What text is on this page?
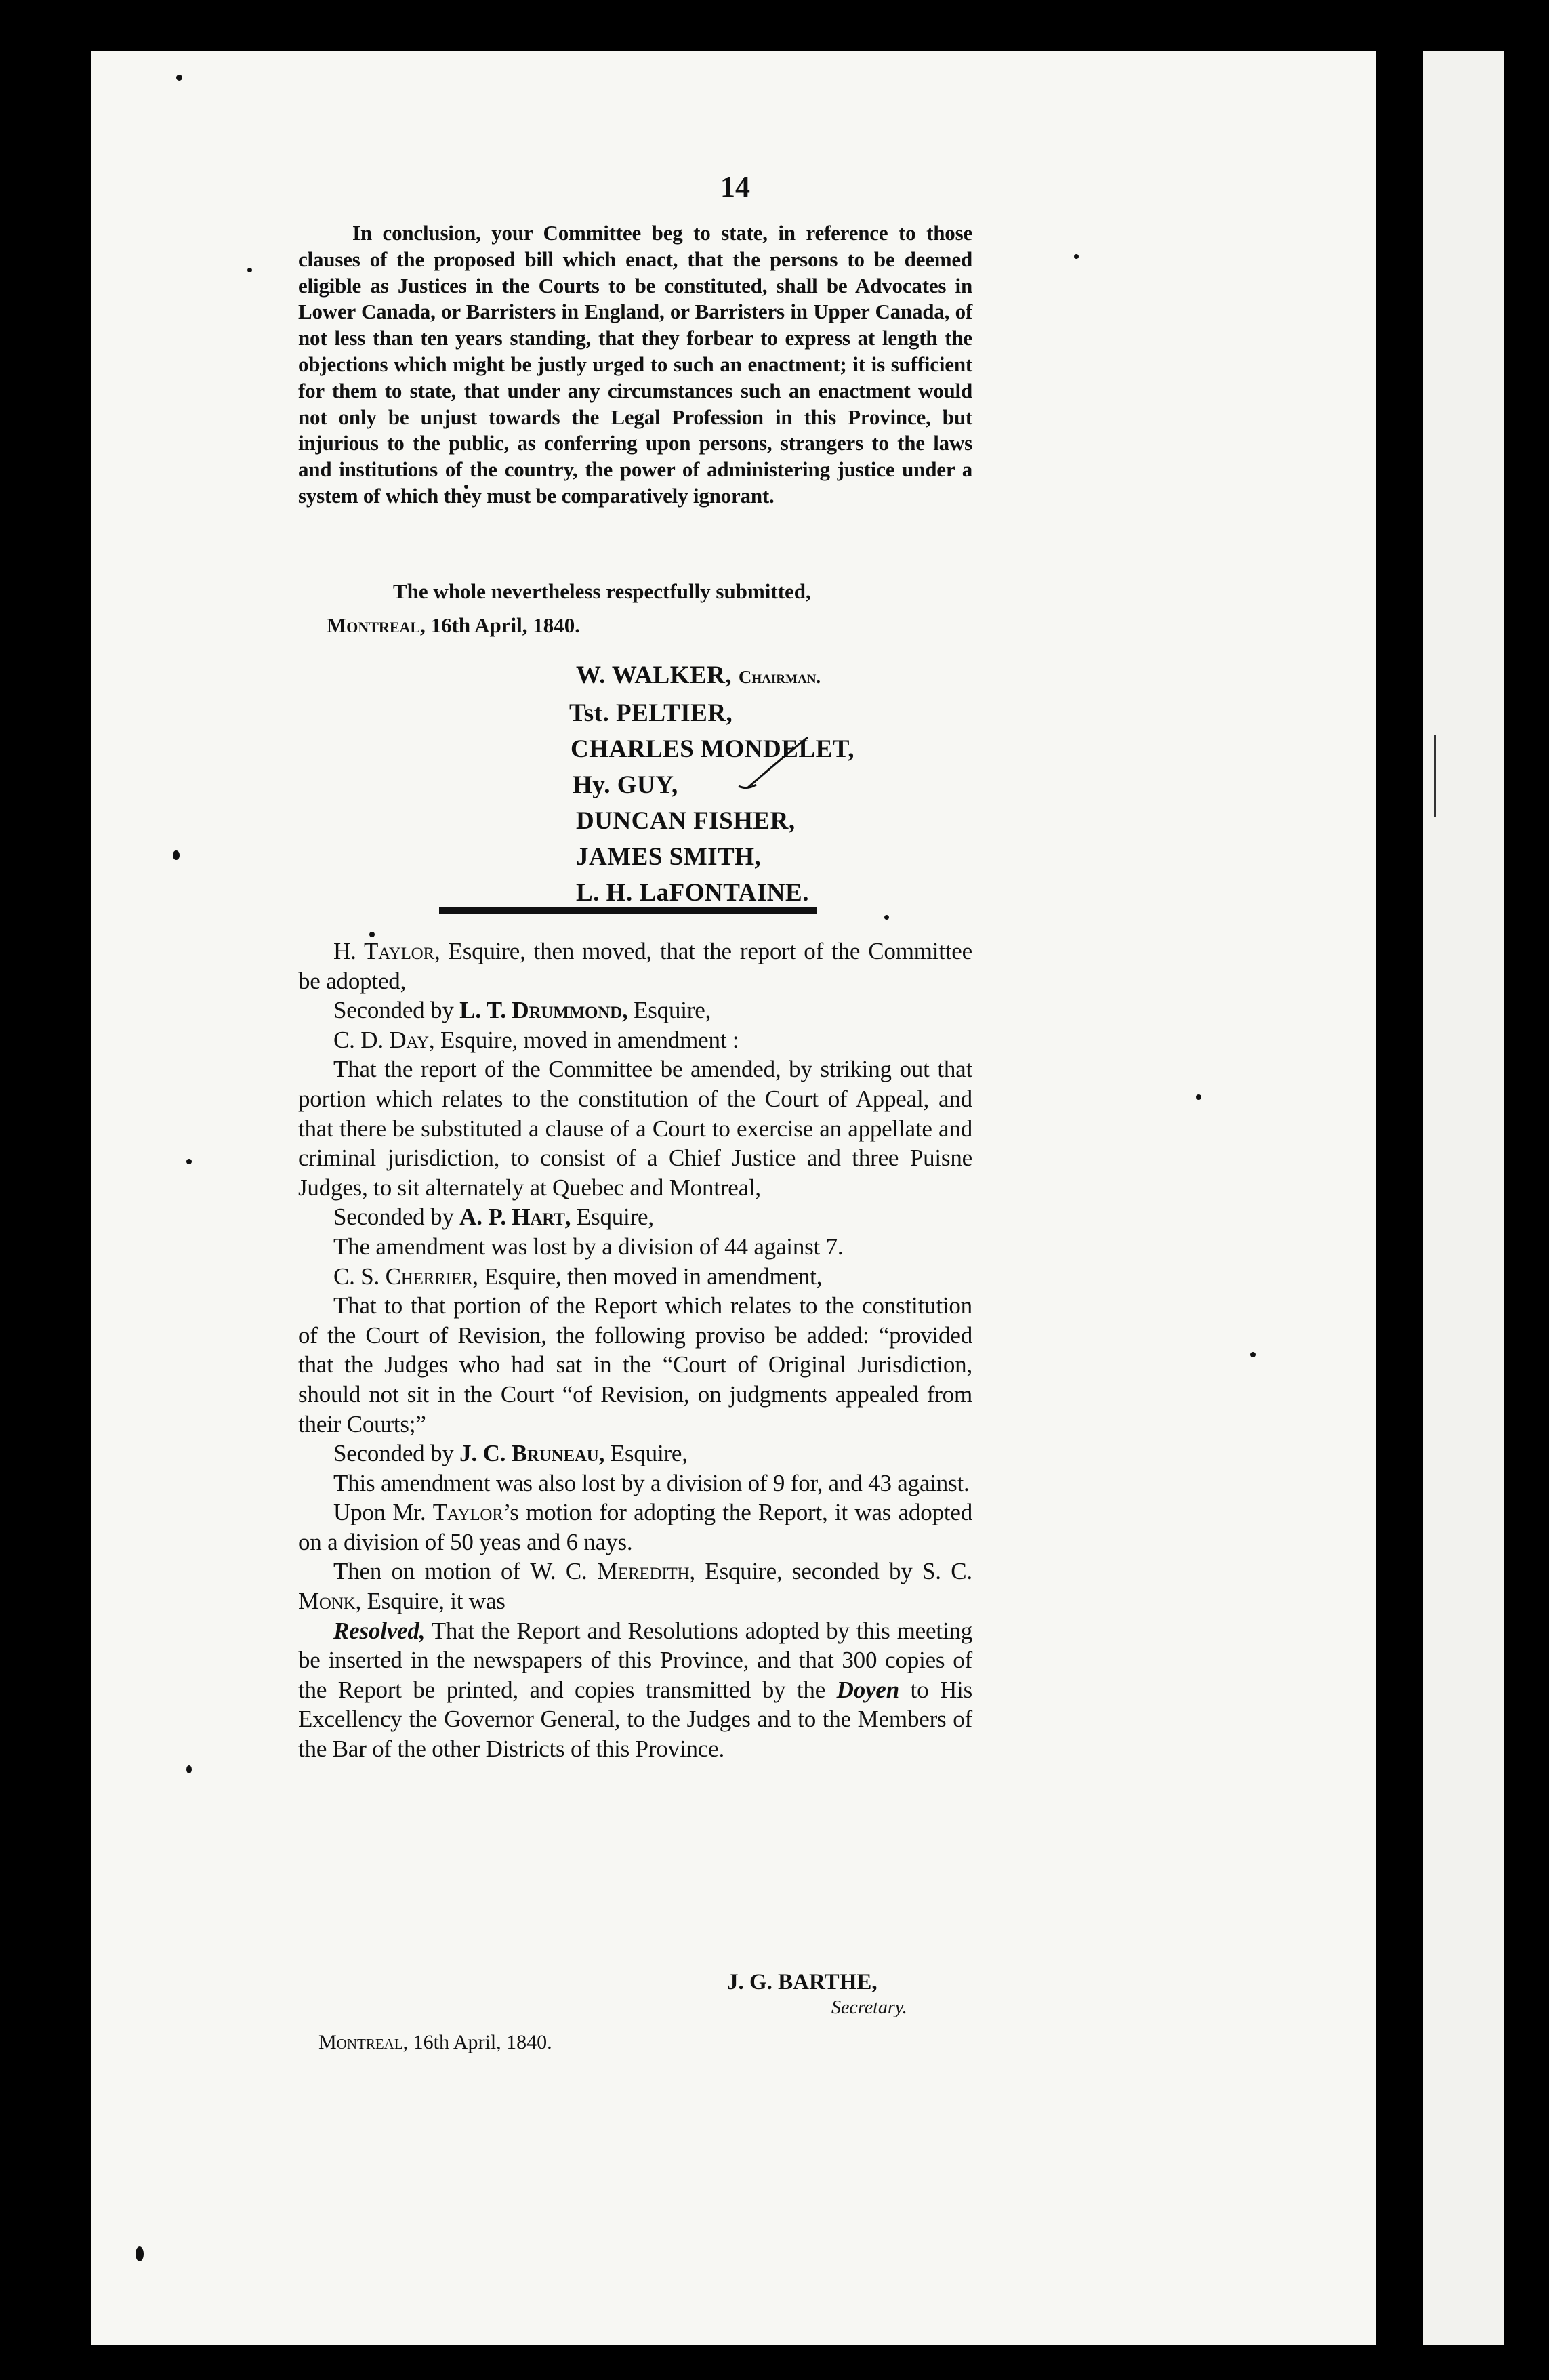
14

In conclusion, your Committee beg to state, in reference to those clauses of the proposed bill which enact, that the persons to be deemed eligible as Justices in the Courts to be constituted, shall be Advocates in Lower Canada, or Barristers in England, or Barristers in Upper Canada, of not less than ten years standing, that they forbear to express at length the objections which might be justly urged to such an enactment; it is sufficient for them to state, that under any circumstances such an enactment would not only be unjust towards the Legal Profession in this Province, but injurious to the public, as conferring upon persons, strangers to the laws and institutions of the country, the power of administering justice under a system of which they must be comparatively ignorant.

The whole nevertheless respectfully submitted,
Montreal, 16th April, 1840.
W. WALKER, Chairman.
Tst. PELTIER,
CHARLES MONDELET,
Hy. GUY,
DUNCAN FISHER,
JAMES SMITH,
L. H. LaFONTAINE.

H. Taylor, Esquire, then moved, that the report of the Committee be adopted,

Seconded by L. T. Drummond, Esquire,

C. D. Day, Esquire, moved in amendment :

That the report of the Committee be amended, by striking out that portion which relates to the constitution of the Court of Appeal, and that there be substituted a clause of a Court to exercise an appellate and criminal jurisdiction, to consist of a Chief Justice and three Puisne Judges, to sit alternately at Quebec and Montreal,

Seconded by A. P. Hart, Esquire,

The amendment was lost by a division of 44 against 7.

C. S. Cherrier, Esquire, then moved in amendment,

That to that portion of the Report which relates to the constitution of the Court of Revision, the following proviso be added: “provided that the Judges who had sat in the “Court of Original Jurisdiction, should not sit in the Court “of Revision, on judgments appealed from their Courts;”

Seconded by J. C. Bruneau, Esquire,

This amendment was also lost by a division of 9 for, and 43 against.

Upon Mr. Taylor’s motion for adopting the Report, it was adopted on a division of 50 yeas and 6 nays.

Then on motion of W. C. Meredith, Esquire, seconded by S. C. Monk, Esquire, it was

Resolved, That the Report and Resolutions adopted by this meeting be inserted in the newspapers of this Province, and that 300 copies of the Report be printed, and copies transmitted by the Doyen to His Excellency the Governor General, to the Judges and to the Members of the Bar of the other Districts of this Province.

J. G. BARTHE,
Secretary.
Montreal, 16th April, 1840.
